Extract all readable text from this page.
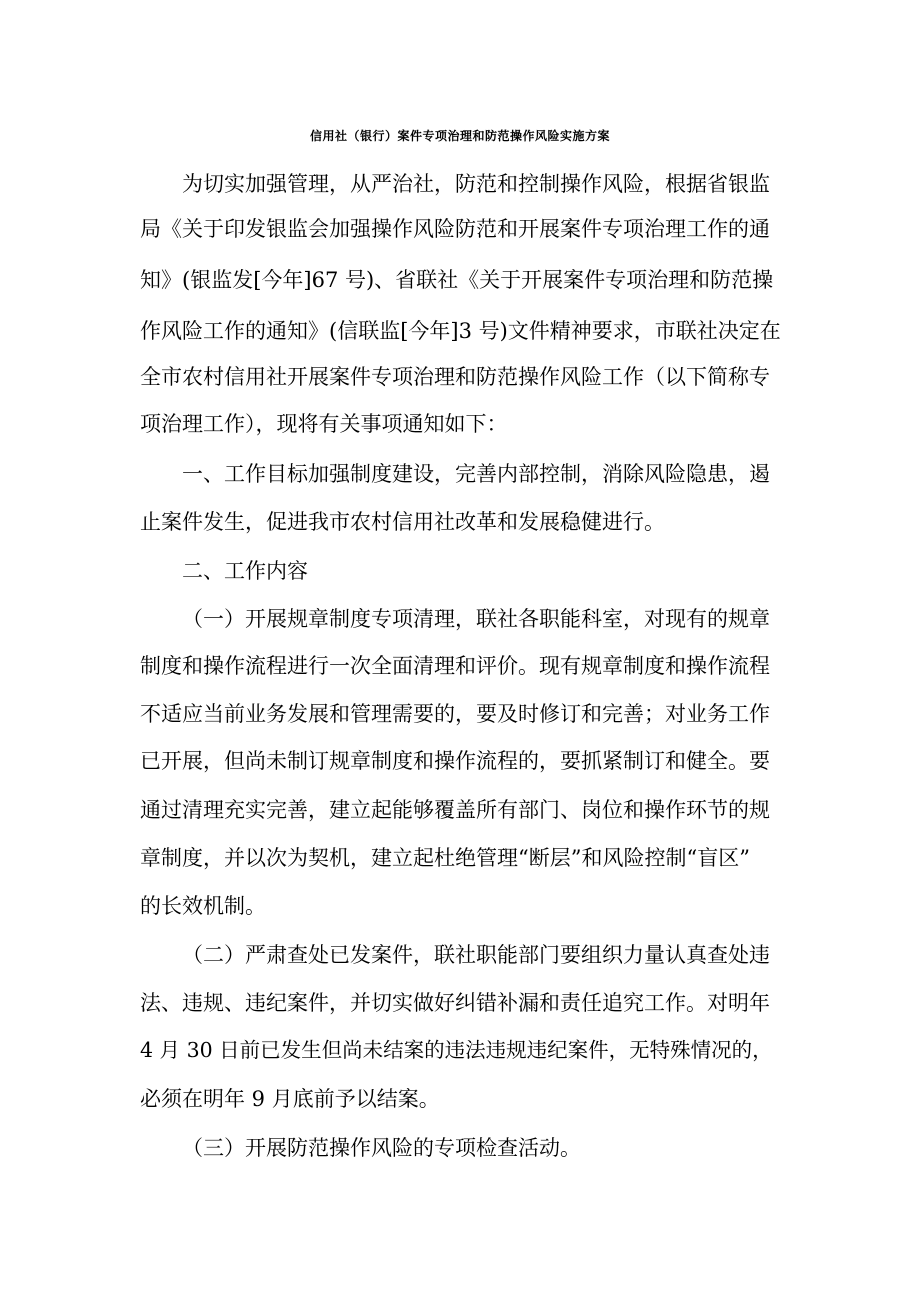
信用社（银行）案件专项治理和防范操作风险实施方案
为切实加强管理，从严治社，防范和控制操作风险，根据省银监
局《关于印发银监会加强操作风险防范和开展案件专项治理工作的通
知》(银监发[今年]67 号)、省联社《关于开展案件专项治理和防范操
作风险工作的通知》(信联监[今年]3 号)文件精神要求，市联社决定在
全市农村信用社开展案件专项治理和防范操作风险工作（以下简称专
项治理工作），现将有关事项通知如下：
一、工作目标加强制度建设，完善内部控制，消除风险隐患，遏
止案件发生，促进我市农村信用社改革和发展稳健进行。
二、工作内容
（一）开展规章制度专项清理，联社各职能科室，对现有的规章
制度和操作流程进行一次全面清理和评价。现有规章制度和操作流程
不适应当前业务发展和管理需要的，要及时修订和完善；对业务工作
已开展，但尚未制订规章制度和操作流程的，要抓紧制订和健全。要
通过清理充实完善，建立起能够覆盖所有部门、岗位和操作环节的规
章制度，并以次为契机，建立起杜绝管理“断层”和风险控制“盲区”
的长效机制。
（二）严肃查处已发案件，联社职能部门要组织力量认真查处违
法、违规、违纪案件，并切实做好纠错补漏和责任追究工作。对明年
4 月 30 日前已发生但尚未结案的违法违规违纪案件，无特殊情况的，
必须在明年 9 月底前予以结案。
（三）开展防范操作风险的专项检查活动。
